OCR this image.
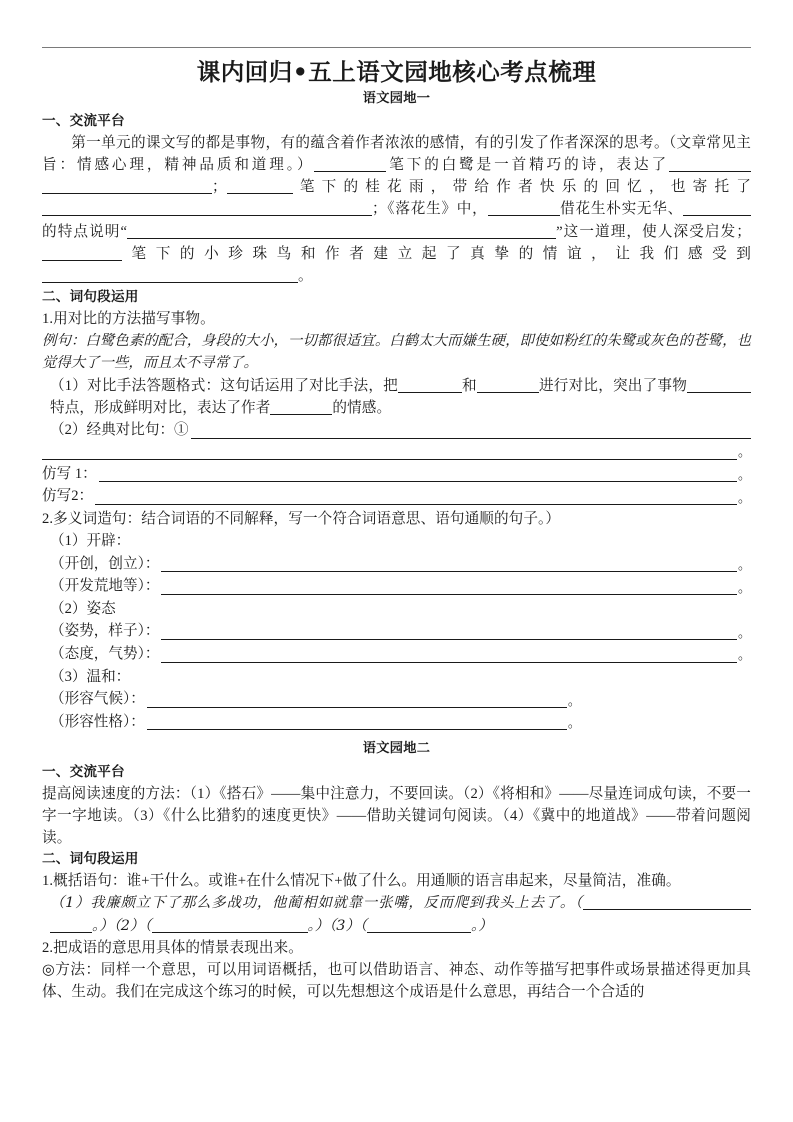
课内回归•五上语文园地核心考点梳理
语文园地一
一、交流平台

第一单元的课文写的都是事物，有的蕴含着作者浓浓的感情，有的引发了作者深深的思考。（文章常见主旨：情感心理，精神品质和道理。）	笔下的白鹭是一首精巧的诗，表达了；	笔下的桂花雨，带给作者快乐的回忆，也寄托了；《落花生》中，	借花生朴实无华、的特点说明“	”这一道理，使人深受启发；笔下的小珍珠鸟和作者建立起了真挚的情谊，让我们感受到。

二、词句段运用

1.用对比的方法描写事物。

例句：白鹭色素的配合，身段的大小，一切都很适宜。白鹤太大而嫌生硬，即使如粉红的朱鹭或灰色的苍鹭，也觉得大了一些，而且太不寻常了。

（1）对比手法答题格式：这句话运用了对比手法，把	和	进行对比，突出了事物特点，形成鲜明对比，表达了作者	的情感。

（2）经典对比句：①
。
仿写 1：	。
仿写2：	。

2.多义词造句：结合词语的不同解释，写一个符合词语意思、语句通顺的句子。）

（1）开辟：

（开创，创立）：	。
（开发荒地等）：	。

（2）姿态

（姿势，样子）：	。
（态度，气势）：	。

（3）温和：

（形容气候）：	。
（形容性格）：	。
语文园地二
一、交流平台

提高阅读速度的方法：（1）《搭石》——集中注意力，不要回读。（2）《将相和》——尽量连词成句读，不要一字一字地读。（3）《什么比猎豹的速度更快》——借助关键词句阅读。（4）《冀中的地道战》——带着问题阅读。

二、词句段运用

1.概括语句：谁+干什么。或谁+在什么情况下+做了什么。用通顺的语言串起来，尽量简洁，准确。

（1）我廉颇立下了那么多战功，他蔺相如就靠一张嘴，反而爬到我头上去了。（。）（2）（	。）（3）（	。）

2.把成语的意思用具体的情景表现出来。

◎方法：同样一个意思，可以用词语概括，也可以借助语言、神态、动作等描写把事件或场景描述得更加具体、生动。我们在完成这个练习的时候，可以先想想这个成语是什么意思，再结合一个合适的
